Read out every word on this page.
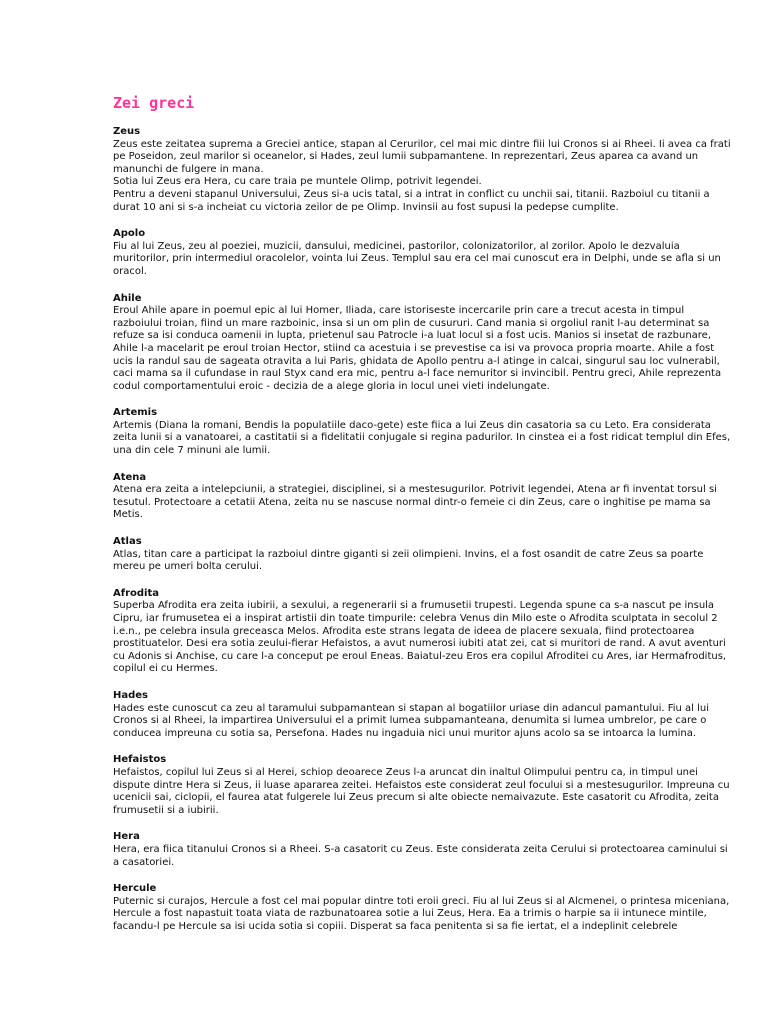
Zei greci
Zeus

Zeus este zeitatea suprema a Greciei antice, stapan al Cerurilor, cel mai mic dintre fiii lui Cronos si ai Rheei. Ii avea ca frati pe Poseidon, zeul marilor si oceanelor, si Hades, zeul lumii subpamantene. In reprezentari, Zeus aparea ca avand un manunchi de fulgere in mana.

Sotia lui Zeus era Hera, cu care traia pe muntele Olimp, potrivit legendei.

Pentru a deveni stapanul Universului, Zeus si-a ucis tatal, si a intrat in conflict cu unchii sai, titanii. Razboiul cu titanii a durat 10 ani si s-a incheiat cu victoria zeilor de pe Olimp. Invinsii au fost supusi la pedepse cumplite.

Apolo

Fiu al lui Zeus, zeu al poeziei, muzicii, dansului, medicinei, pastorilor, colonizatorilor, al zorilor. Apolo le dezvaluia muritorilor, prin intermediul oracolelor, vointa lui Zeus. Templul sau era cel mai cunoscut era in Delphi, unde se afla si un oracol.

Ahile

Eroul Ahile apare in poemul epic al lui Homer, Iliada, care istoriseste incercarile prin care a trecut acesta in timpul razboiului troian, fiind un mare razboinic, insa si un om plin de cusururi. Cand mania si orgoliul ranit l-au determinat sa refuze sa isi conduca oamenii in lupta, prietenul sau Patrocle i-a luat locul si a fost ucis. Manios si insetat de razbunare, Ahile l-a macelarit pe eroul troian Hector, stiind ca acestuia i se prevestise ca isi va provoca propria moarte. Ahile a fost ucis la randul sau de sageata otravita a lui Paris, ghidata de Apollo pentru a-l atinge in calcai, singurul sau loc vulnerabil, caci mama sa il cufundase in raul Styx cand era mic, pentru a-l face nemuritor si invincibil. Pentru greci, Ahile reprezenta codul comportamentului eroic - decizia de a alege gloria in locul unei vieti indelungate.

Artemis

Artemis (Diana la romani, Bendis la populatiile daco-gete) este fiica a lui Zeus din casatoria sa cu Leto. Era considerata zeita lunii si a vanatoarei, a castitatii si a fidelitatii conjugale si regina padurilor. In cinstea ei a fost ridicat templul din Efes, una din cele 7 minuni ale lumii.

Atena

Atena era zeita a intelepciunii, a strategiei, disciplinei, si a mestesugurilor. Potrivit legendei, Atena ar fi inventat torsul si tesutul. Protectoare a cetatii Atena, zeita nu se nascuse normal dintr-o femeie ci din Zeus, care o inghitise pe mama sa Metis.

Atlas

Atlas, titan care a participat la razboiul dintre giganti si zeii olimpieni. Invins, el a fost osandit de catre Zeus sa poarte mereu pe umeri bolta cerului.

Afrodita

Superba Afrodita era zeita iubirii, a sexului, a regenerarii si a frumusetii trupesti. Legenda spune ca s-a nascut pe insula Cipru, iar frumusetea ei a inspirat artistii din toate timpurile: celebra Venus din Milo este o Afrodita sculptata in secolul 2 i.e.n., pe celebra insula greceasca Melos. Afrodita este strans legata de ideea de placere sexuala, fiind protectoarea prostituatelor. Desi era sotia zeului-fierar Hefaistos, a avut numerosi iubiti atat zei, cat si muritori de rand. A avut aventuri cu Adonis si Anchise, cu care l-a conceput pe eroul Eneas. Baiatul-zeu Eros era copilul Afroditei cu Ares, iar Hermafroditus, copilul ei cu Hermes.

Hades

Hades este cunoscut ca zeu al taramului subpamantean si stapan al bogatiilor uriase din adancul pamantului. Fiu al lui Cronos si al Rheei, la impartirea Universului el a primit lumea subpamanteana, denumita si lumea umbrelor, pe care o conducea impreuna cu sotia sa, Persefona. Hades nu ingaduia nici unui muritor ajuns acolo sa se intoarca la lumina.

Hefaistos

Hefaistos, copilul lui Zeus si al Herei, schiop deoarece Zeus l-a aruncat din inaltul Olimpului pentru ca, in timpul unei dispute dintre Hera si Zeus, ii luase apararea zeitei. Hefaistos este considerat zeul focului si a mestesugurilor. Impreuna cu ucenicii sai, ciclopii, el faurea atat fulgerele lui Zeus precum si alte obiecte nemaivazute. Este casatorit cu Afrodita, zeita frumusetii si a iubirii.

Hera

Hera, era fiica titanului Cronos si a Rheei. S-a casatorit cu Zeus. Este considerata zeita Cerului si protectoarea caminului si a casatoriei.

Hercule

Puternic si curajos, Hercule a fost cel mai popular dintre toti eroii greci. Fiu al lui Zeus si al Alcmenei, o printesa miceniana, Hercule a fost napastuit toata viata de razbunatoarea sotie a lui Zeus, Hera. Ea a trimis o harpie sa ii intunece mintile, facandu-l pe Hercule sa isi ucida sotia si copiii. Disperat sa faca penitenta si sa fie iertat, el a indeplinit celebrele
